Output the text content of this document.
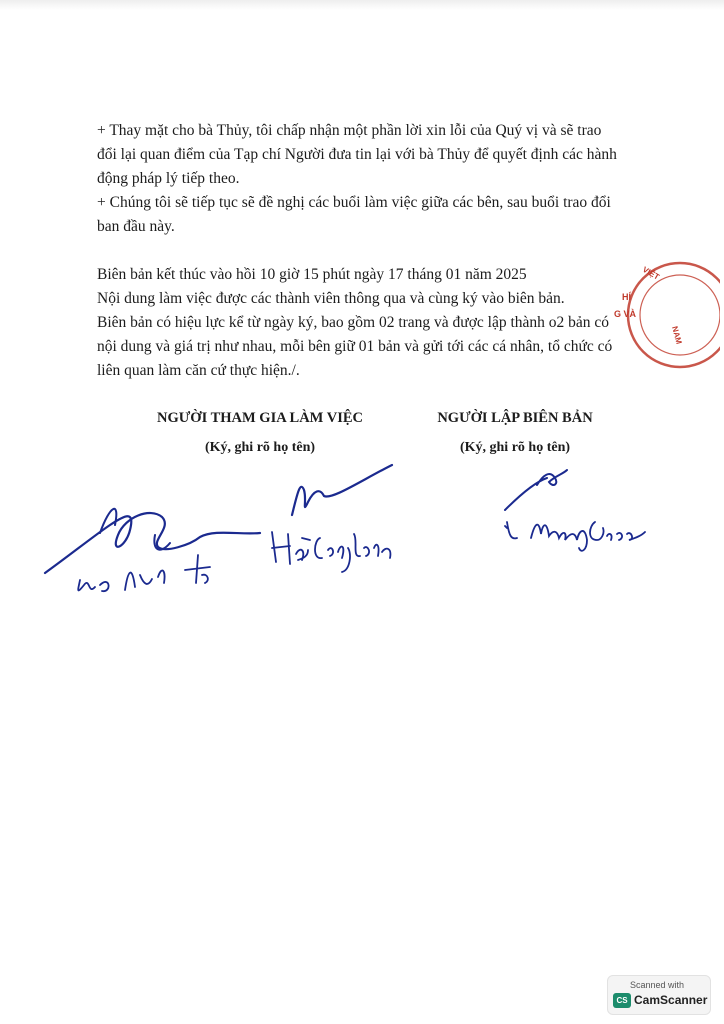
+ Thay mặt cho bà Thủy, tôi chấp nhận một phần lời xin lỗi của Quý vị và sẽ trao
đổi lại quan điểm của Tạp chí Người đưa tin lại với bà Thủy để quyết định các hành
động pháp lý tiếp theo.
+ Chúng tôi sẽ tiếp tục sẽ đề nghị các buổi làm việc giữa các bên, sau buổi trao đổi
ban đầu này.
Biên bản kết thúc vào hồi 10 giờ 15 phút ngày 17 tháng 01 năm 2025
Nội dung làm việc được các thành viên thông qua và cùng ký vào biên bản.
Biên bản có hiệu lực kể từ ngày ký, bao gồm 02 trang và được lập thành o2 bản có
nội dung và giá trị như nhau, mỗi bên giữ 01 bản và gửi tới các cá nhân, tổ chức có
liên quan làm căn cứ thực hiện./.
VIỆT
NAM
HÍ
G VÀ
NGƯỜI THAM GIA LÀM VIỆC
(Ký, ghi rõ họ tên)
NGƯỜI LẬP BIÊN BẢN
(Ký, ghi rõ họ tên)
Scanned with
CS CamScanner
